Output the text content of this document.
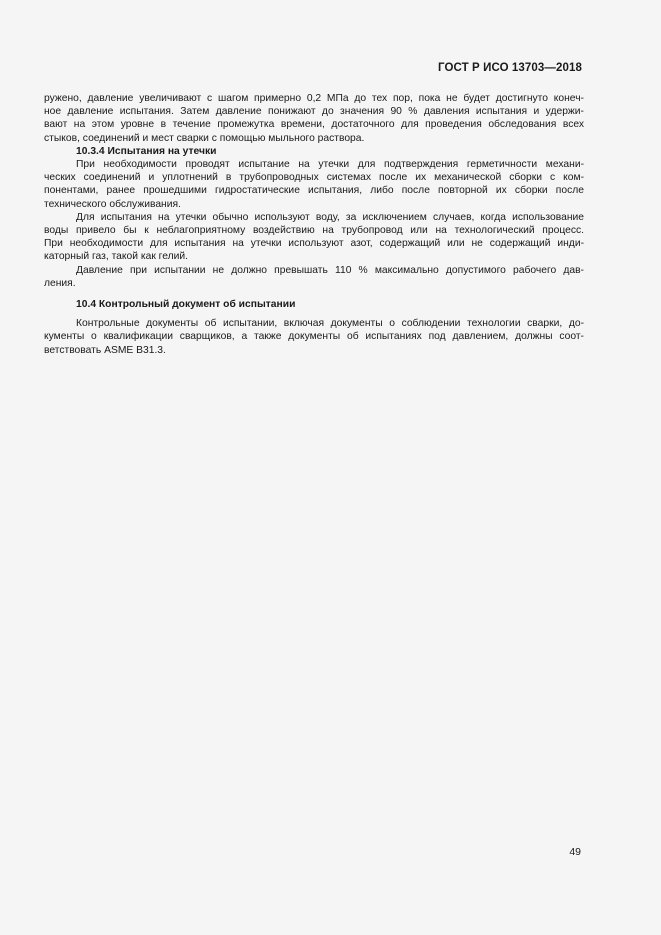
ГОСТ Р ИСО 13703—2018

ружено, давление увеличивают с шагом примерно 0,2 МПа до тех пор, пока не будет достигнуто конеч-
ное давление испытания. Затем давление понижают до значения 90 % давления испытания и удержи-
вают на этом уровне в течение промежутка времени, достаточного для проведения обследования всех
стыков, соединений и мест сварки с помощью мыльного раствора.

10.3.4 Испытания на утечки

При необходимости проводят испытание на утечки для подтверждения герметичности механи-
ческих соединений и уплотнений в трубопроводных системах после их механической сборки с ком-
понентами, ранее прошедшими гидростатические испытания, либо после повторной их сборки после
технического обслуживания.

Для испытания на утечки обычно используют воду, за исключением случаев, когда использование
воды привело бы к неблагоприятному воздействию на трубопровод или на технологический процесс.
При необходимости для испытания на утечки используют азот, содержащий или не содержащий инди-
каторный газ, такой как гелий.

Давление при испытании не должно превышать 110 % максимально допустимого рабочего дав-
ления.

10.4 Контрольный документ об испытании

Контрольные документы об испытании, включая документы о соблюдении технологии сварки, до-
кументы о квалификации сварщиков, а также документы об испытаниях под давлением, должны соот-
ветствовать ASME B31.3.

49
